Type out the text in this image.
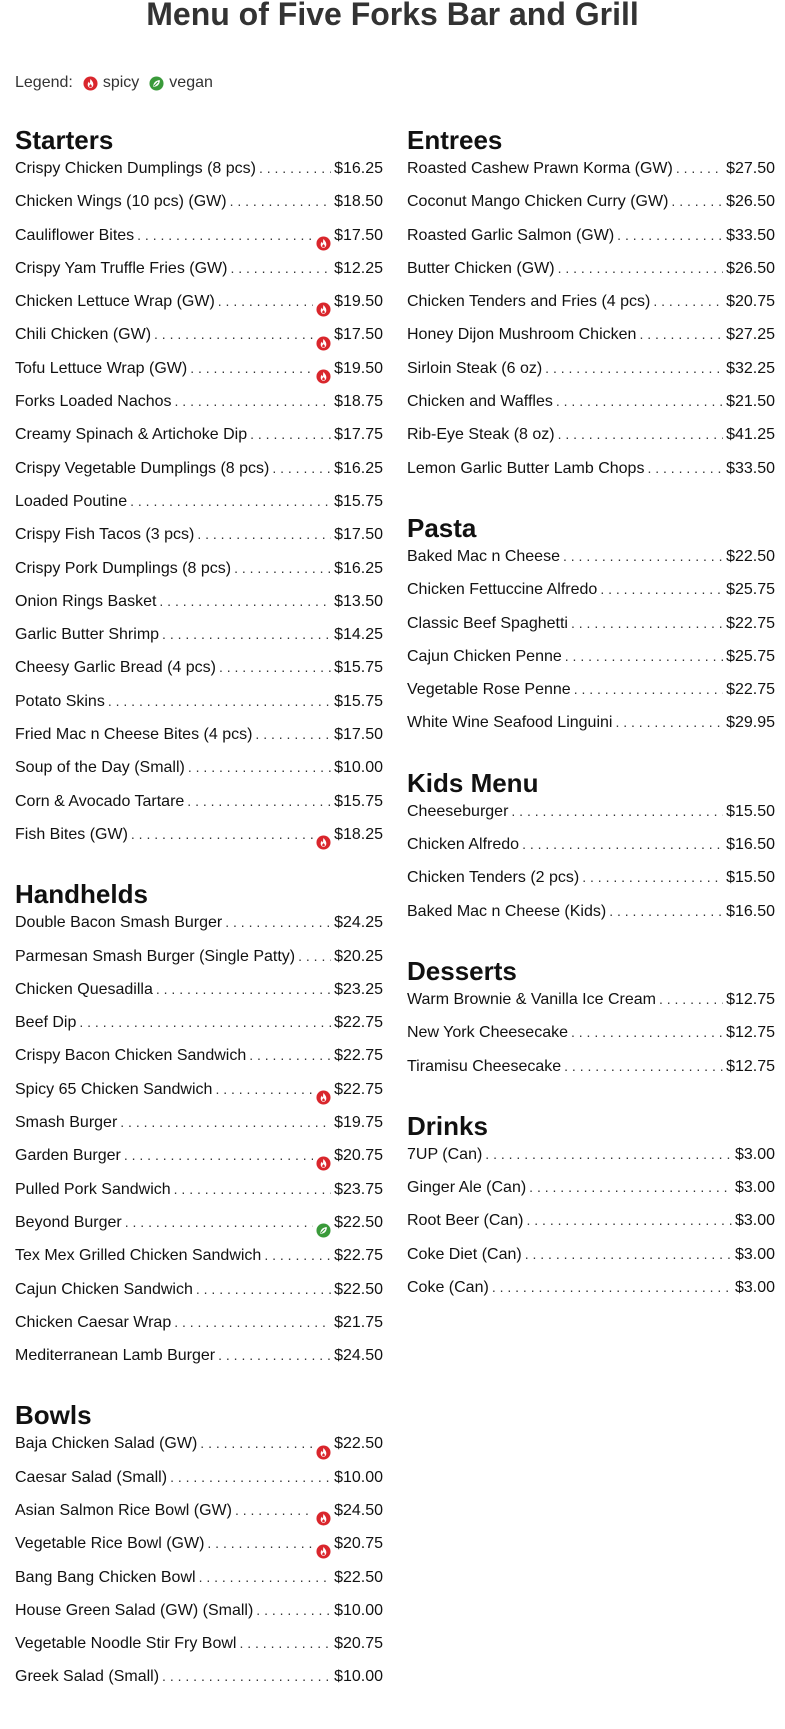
Menu of Five Forks Bar and Grill
Legend: spicy vegan
Starters
Crispy Chicken Dumplings (8 pcs) . . .	$16.25
Chicken Wings (10 pcs) (GW) . . .	$18.50
Cauliflower Bites . . .	$17.50
Crispy Yam Truffle Fries (GW) . . .	$12.25
Chicken Lettuce Wrap (GW) . . .	$19.50
Chili Chicken (GW) . . .	$17.50
Tofu Lettuce Wrap (GW) . . .	$19.50
Forks Loaded Nachos . . .	$18.75
Creamy Spinach & Artichoke Dip . . .	$17.75
Crispy Vegetable Dumplings (8 pcs) . . .	$16.25
Loaded Poutine . . .	$15.75
Crispy Fish Tacos (3 pcs) . . .	$17.50
Crispy Pork Dumplings (8 pcs) . . .	$16.25
Onion Rings Basket . . .	$13.50
Garlic Butter Shrimp . . .	$14.25
Cheesy Garlic Bread (4 pcs) . . .	$15.75
Potato Skins . . .	$15.75
Fried Mac n Cheese Bites (4 pcs) . . .	$17.50
Soup of the Day (Small) . . .	$10.00
Corn & Avocado Tartare . . .	$15.75
Fish Bites (GW) . . .	$18.25
Handhelds
Double Bacon Smash Burger . . .	$24.25
Parmesan Smash Burger (Single Patty) . . . $20.25
Chicken Quesadilla . . .	$23.25
Beef Dip . . .	$22.75
Crispy Bacon Chicken Sandwich . . .	$22.75
Spicy 65 Chicken Sandwich . . .	$22.75
Smash Burger . . .	$19.75
Garden Burger . . .	$20.75
Pulled Pork Sandwich . . .	$23.75
Beyond Burger . . .	$22.50
Tex Mex Grilled Chicken Sandwich . . .	$22.75
Cajun Chicken Sandwich . . .	$22.50
Chicken Caesar Wrap . . .	$21.75
Mediterranean Lamb Burger . . .	$24.50
Bowls
Baja Chicken Salad (GW) . . .	$22.50
Caesar Salad (Small) . . .	$10.00
Asian Salmon Rice Bowl (GW) . . .	$24.50
Vegetable Rice Bowl (GW) . . .	$20.75
Bang Bang Chicken Bowl . . .	$22.50
House Green Salad (GW) (Small) . . .	$10.00
Vegetable Noodle Stir Fry Bowl . . .	$20.75
Greek Salad (Small) . . .	$10.00
Entrees
Roasted Cashew Prawn Korma (GW) . . .	$27.50
Coconut Mango Chicken Curry (GW) . . .	$26.50
Roasted Garlic Salmon (GW) . . .	$33.50
Butter Chicken (GW) . . .	$26.50
Chicken Tenders and Fries (4 pcs) . . .	$20.75
Honey Dijon Mushroom Chicken . . .	$27.25
Sirloin Steak (6 oz) . . .	$32.25
Chicken and Waffles . . .	$21.50
Rib-Eye Steak (8 oz) . . .	$41.25
Lemon Garlic Butter Lamb Chops . . .	$33.50
Pasta
Baked Mac n Cheese . . .	$22.50
Chicken Fettuccine Alfredo . . .	$25.75
Classic Beef Spaghetti . . .	$22.75
Cajun Chicken Penne . . .	$25.75
Vegetable Rose Penne . . .	$22.75
White Wine Seafood Linguini . . .	$29.95
Kids Menu
Cheeseburger . . .	$15.50
Chicken Alfredo . . .	$16.50
Chicken Tenders (2 pcs) . . .	$15.50
Baked Mac n Cheese (Kids) . . .	$16.50
Desserts
Warm Brownie & Vanilla Ice Cream . . .	$12.75
New York Cheesecake . . .	$12.75
Tiramisu Cheesecake . . .	$12.75
Drinks
7UP (Can) . . .	$3.00
Ginger Ale (Can) . . .	$3.00
Root Beer (Can) . . .	$3.00
Coke Diet (Can) . . .	$3.00
Coke (Can) . . .	$3.00
